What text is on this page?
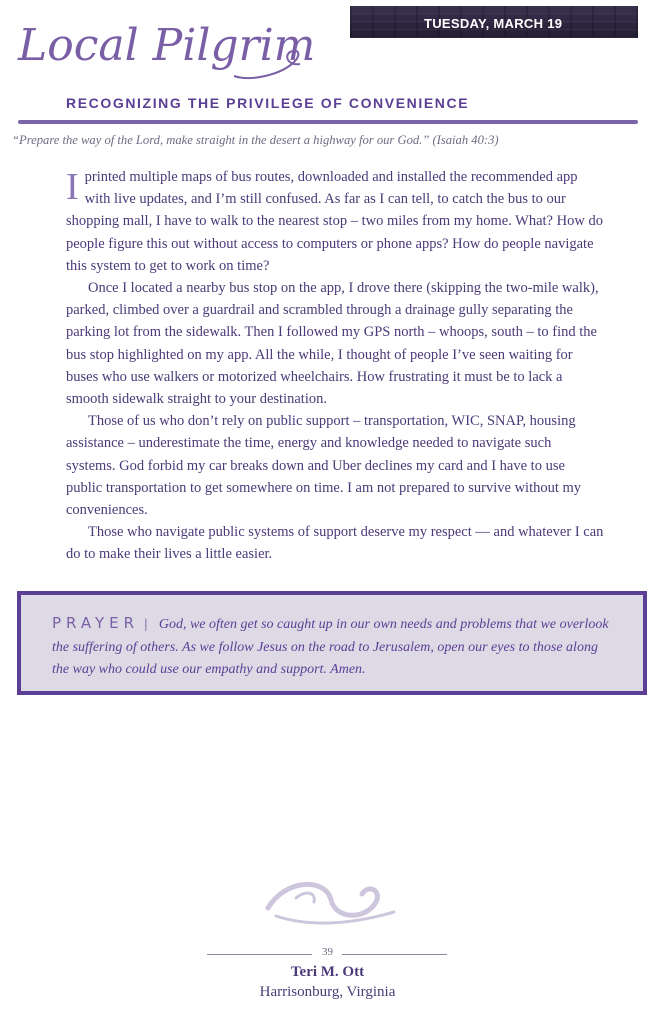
TUESDAY, MARCH 19
Local Pilgrim
RECOGNIZING THE PRIVILEGE OF CONVENIENCE
“Prepare the way of the Lord, make straight in the desert a highway for our God.” (Isaiah 40:3)

I printed multiple maps of bus routes, downloaded and installed the recommended app with live updates, and I’m still confused. As far as I can tell, to catch the bus to our shopping mall, I have to walk to the nearest stop – two miles from my home. What? How do people figure this out without access to computers or phone apps? How do people navigate this system to get to work on time?

Once I located a nearby bus stop on the app, I drove there (skipping the two-mile walk), parked, climbed over a guardrail and scrambled through a drainage gully separating the parking lot from the sidewalk. Then I followed my GPS north – whoops, south – to find the bus stop highlighted on my app. All the while, I thought of people I’ve seen waiting for buses who use walkers or motorized wheelchairs. How frustrating it must be to lack a smooth sidewalk straight to your destination.

Those of us who don’t rely on public support – transportation, WIC, SNAP, housing assistance – underestimate the time, energy and knowledge needed to navigate such systems. God forbid my car breaks down and Uber declines my card and I have to use public transportation to get somewhere on time. I am not prepared to survive without my conveniences.

Those who navigate public systems of support deserve my respect — and whatever I can do to make their lives a little easier.

PRAYER | God, we often get so caught up in our own needs and problems that we overlook the suffering of others. As we follow Jesus on the road to Jerusalem, open our eyes to those along the way who could use our empathy and support. Amen.
39
Teri M. Ott
Harrisonburg, Virginia
